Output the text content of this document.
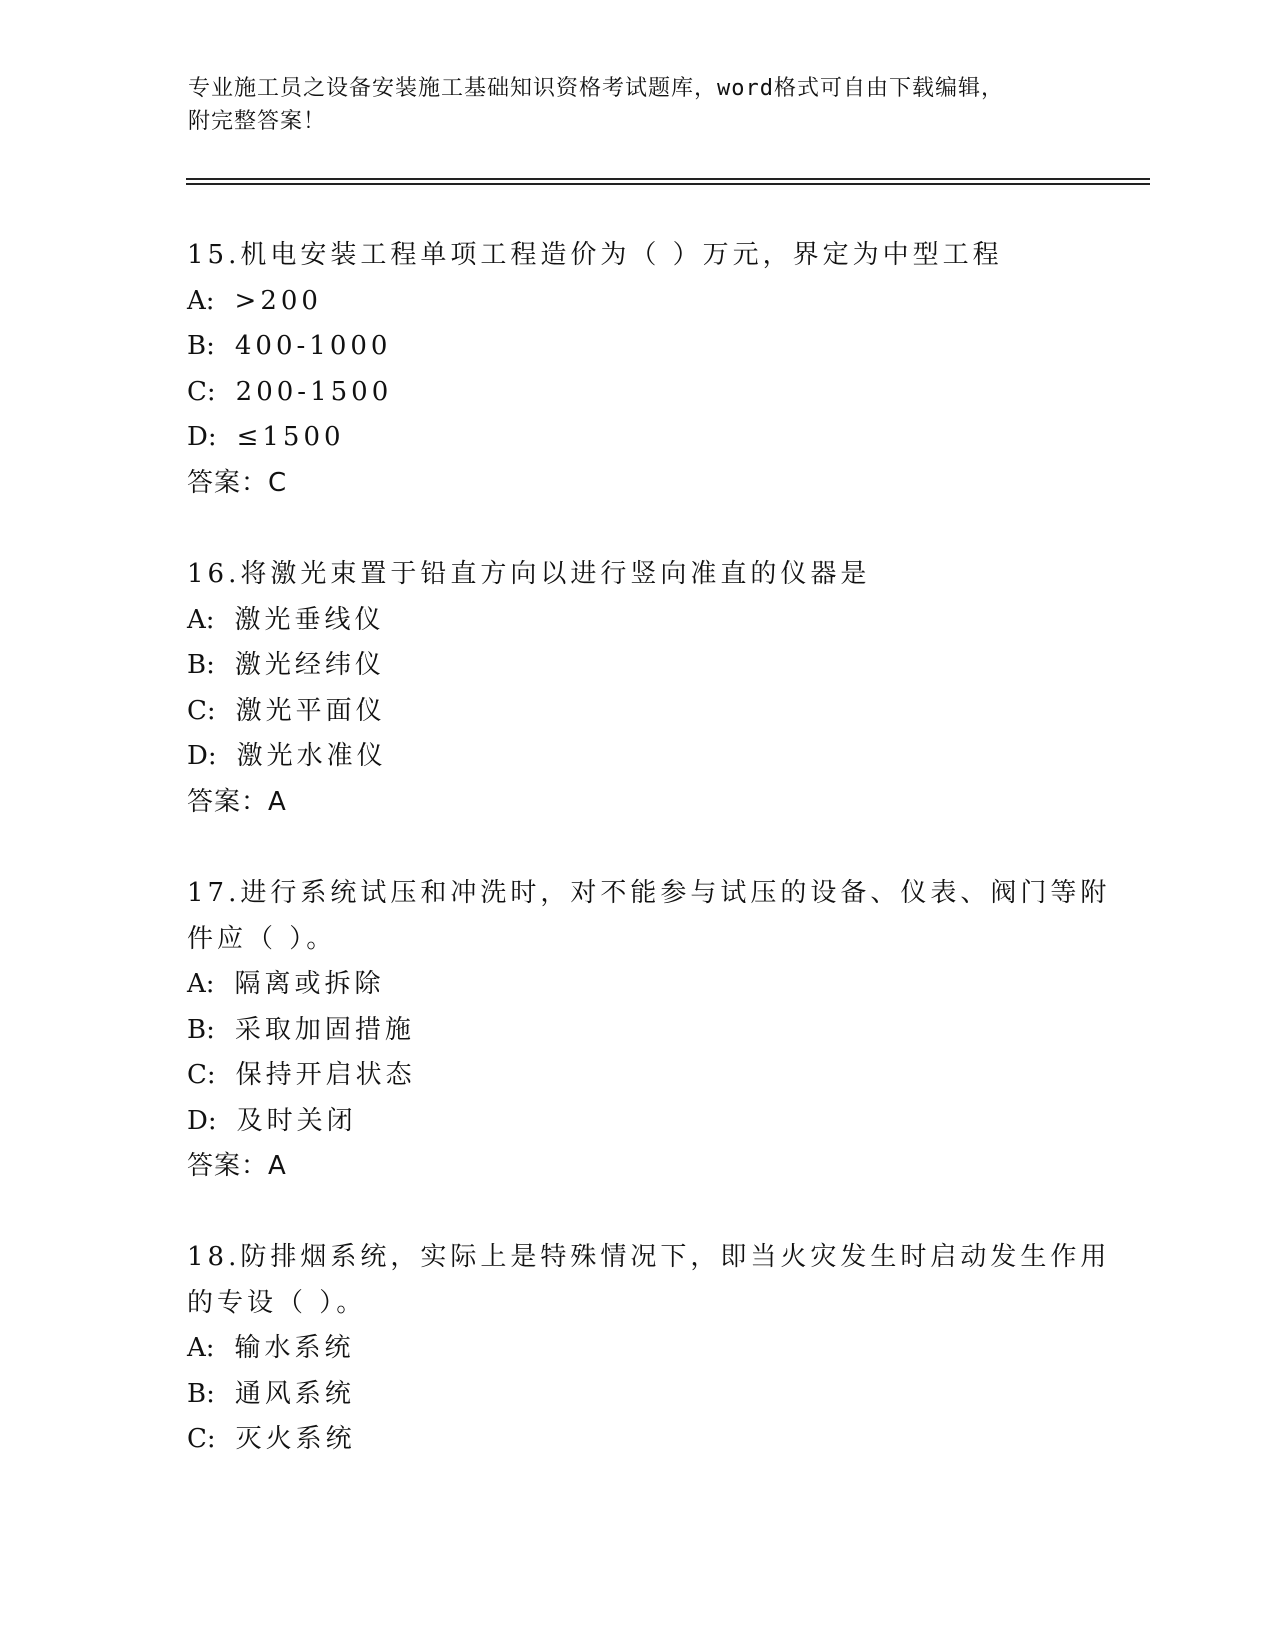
专业施工员之设备安装施工基础知识资格考试题库，word格式可自由下载编辑，
附完整答案！
15.机电安装工程单项工程造价为（ ）万元，界定为中型工程
A: >200
B: 400-1000
C: 200-1500
D: ≤1500
答案：C
16.将激光束置于铅直方向以进行竖向准直的仪器是
A: 激光垂线仪
B: 激光经纬仪
C: 激光平面仪
D: 激光水准仪
答案：A
17.进行系统试压和冲洗时，对不能参与试压的设备、仪表、阀门等附
件应（ ）。
A: 隔离或拆除
B: 采取加固措施
C: 保持开启状态
D: 及时关闭
答案：A
18.防排烟系统，实际上是特殊情况下，即当火灾发生时启动发生作用
的专设（ ）。
A: 输水系统
B: 通风系统
C: 灭火系统
